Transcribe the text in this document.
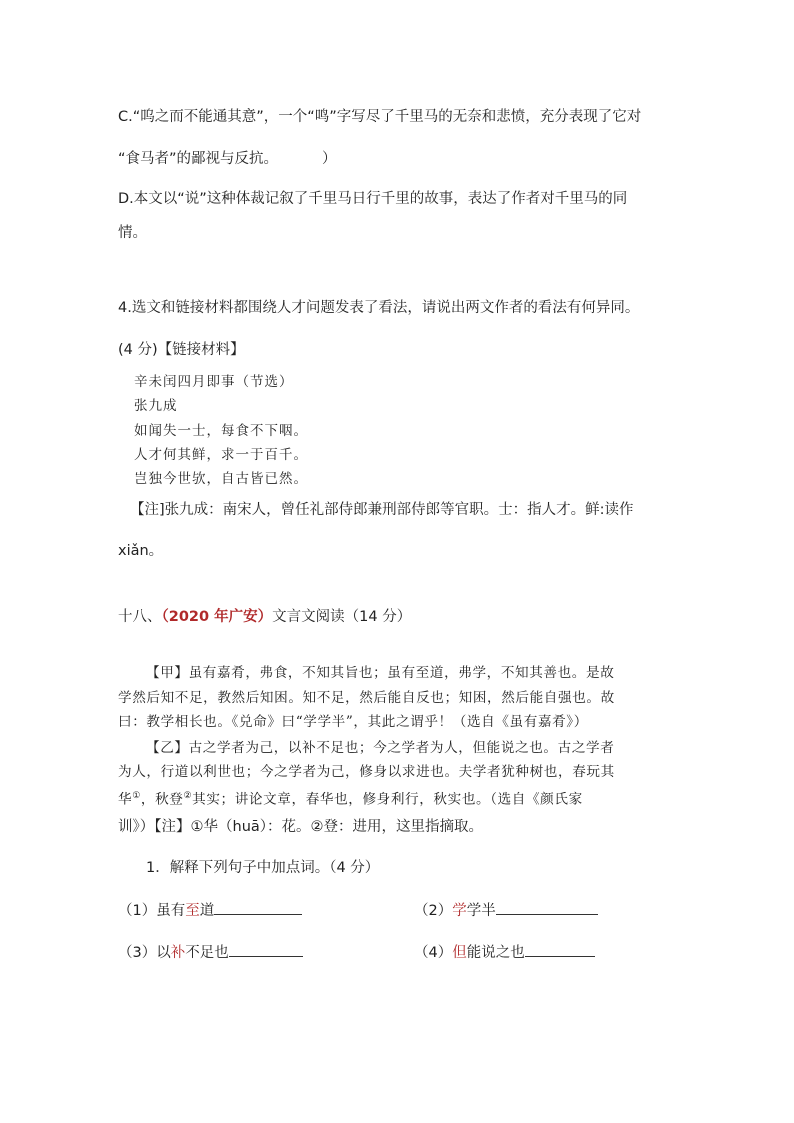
C.“呜之而不能通其意”，一个“鸣”字写尽了千里马的无奈和悲愤，充分表现了它对
“食马者”的鄙视与反抗。	）
D.本文以“说”这种体裁记叙了千里马日行千里的故事，表达了作者对千里马的同
情。
4.选文和链接材料都围绕人才问题发表了看法，请说出两文作者的看法有何异同。
(4 分)【链接材料】
辛未闰四月即事（节选）
张九成
如闻失一士，每食不下咽。
人才何其鲜，求一于百千。
岂独今世欤，自古皆已然。
【注]张九成：南宋人，曾任礼部侍郎兼刑部侍郎等官职。士：指人才。鲜:读作
xiǎn。
十八、（2020 年广安）文言文阅读（14 分）
【甲】虽有嘉肴，弗食，不知其旨也；虽有至道，弗学，不知其善也。是故
学然后知不足，教然后知困。知不足，然后能自反也；知困，然后能自强也。故
曰：教学相长也。《兑命》曰“学学半”，其此之谓乎！（选自《虽有嘉肴》）
【乙】古之学者为己，以补不足也；今之学者为人，但能说之也。古之学者
为人，行道以利世也；今之学者为己，修身以求进也。夫学者犹种树也，春玩其
华①，秋登②其实；讲论文章，春华也，修身利行，秋实也。（选自《颜氏家
训》）【注】①华（huā）：花。②登：进用，这里指摘取。
1．解释下列句子中加点词。（4 分）
（1）虽有至道	（2）学学半
（3）以补不足也	（4）但能说之也
